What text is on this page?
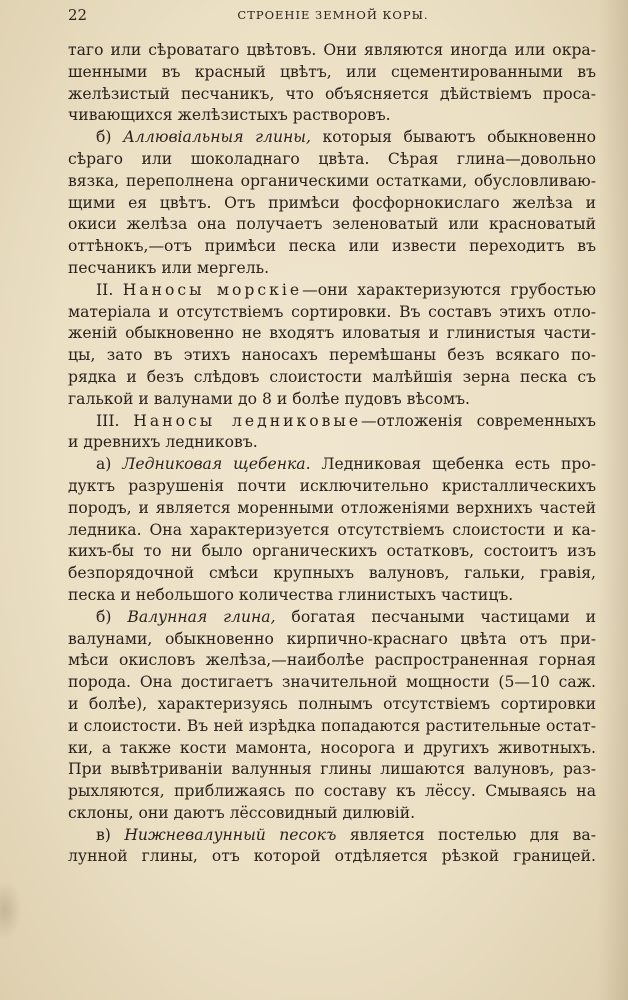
22	СТРОЕНІЕ ЗЕМНОЙ КОРЫ.
таго или сѣроватаго цвѣтовъ. Они являются иногда или окра-
шенными въ красный цвѣтъ, или сцементированными въ
желѣзистый песчаникъ, что объясняется дѣйствіемъ проса-
чивающихся желѣзистыхъ растворовъ.
б) Аллювіальныя глины, которыя бываютъ обыкновенно
сѣраго или шоколаднаго цвѣта. Сѣрая глина—довольно
вязка, переполнена органическими остатками, обусловливаю-
щими ея цвѣтъ. Отъ примѣси фосфорнокислаго желѣза и
окиси желѣза она получаетъ зеленоватый или красноватый
оттѣнокъ,—отъ примѣси песка или извести переходитъ въ
песчаникъ или мергель.
II. Наносы морскіе—они характеризуются грубостью
матеріала и отсутствіемъ сортировки. Въ составъ этихъ отло-
женій обыкновенно не входятъ иловатыя и глинистыя части-
цы, зато въ этихъ наносахъ перемѣшаны безъ всякаго по-
рядка и безъ слѣдовъ слоистости малѣйшія зерна песка съ
галькой и валунами до 8 и болѣе пудовъ вѣсомъ.
III. Наносы ледниковые—отложенія современныхъ
и древнихъ ледниковъ.
а) Ледниковая щебенка. Ледниковая щебенка есть про-
дуктъ разрушенія почти исключительно кристаллическихъ
породъ, и является моренными отложеніями верхнихъ частей
ледника. Она характеризуется отсутствіемъ слоистости и ка-
кихъ-бы то ни было органическихъ остатковъ, состоитъ изъ
безпорядочной смѣси крупныхъ валуновъ, гальки, гравія,
песка и небольшого количества глинистыхъ частицъ.
б) Валунная глина, богатая песчаными частицами и
валунами, обыкновенно кирпично-краснаго цвѣта отъ при-
мѣси окисловъ желѣза,—наиболѣе распространенная горная
порода. Она достигаетъ значительной мощности (5—10 саж.
и болѣе), характеризуясь полнымъ отсутствіемъ сортировки
и слоистости. Въ ней изрѣдка попадаются растительные остат-
ки, а также кости мамонта, носорога и другихъ животныхъ.
При вывѣтриваніи валунныя глины лишаются валуновъ, раз-
рыхляются, приближаясь по составу къ лёссу. Смываясь на
склоны, они даютъ лёссовидный дилювій.
в) Нижневалунный песокъ является постелью для ва-
лунной глины, отъ которой отдѣляется рѣзкой границей.
